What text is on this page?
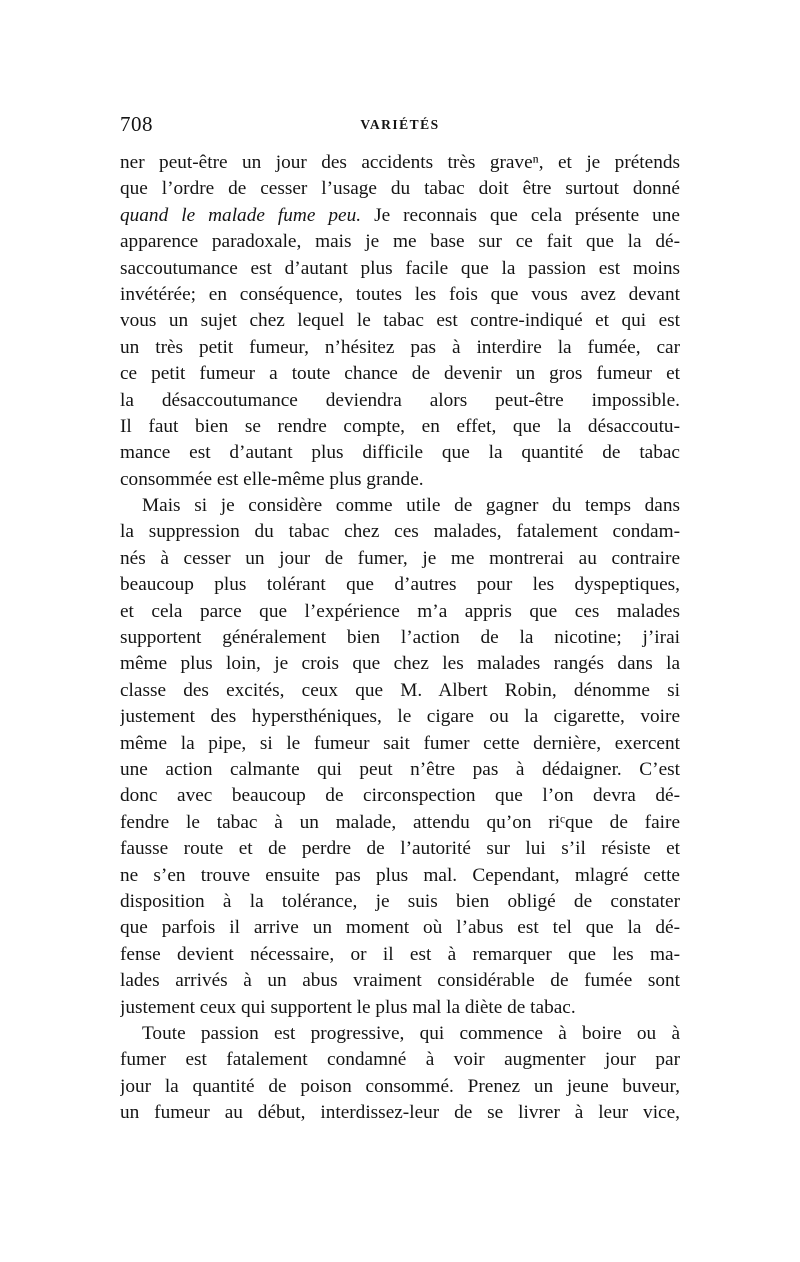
708	VARIÉTÉS
ner peut-être un jour des accidents très graveⁿ, et je prétends
que l’ordre de cesser l’usage du tabac doit être surtout donné
quand le malade fume peu. Je reconnais que cela présente une
apparence paradoxale, mais je me base sur ce fait que la dé-
saccoutumance est d’autant plus facile que la passion est moins
invétérée; en conséquence, toutes les fois que vous avez devant
vous un sujet chez lequel le tabac est contre-indiqué et qui est
un très petit fumeur, n’hésitez pas à interdire la fumée, car
ce petit fumeur a toute chance de devenir un gros fumeur et
la désaccoutumance deviendra alors peut-être impossible.
Il faut bien se rendre compte, en effet, que la désaccoutu-
mance est d’autant plus difficile que la quantité de tabac
consommée est elle-même plus grande.
Mais si je considère comme utile de gagner du temps dans
la suppression du tabac chez ces malades, fatalement condam-
nés à cesser un jour de fumer, je me montrerai au contraire
beaucoup plus tolérant que d’autres pour les dyspeptiques,
et cela parce que l’expérience m’a appris que ces malades
supportent généralement bien l’action de la nicotine; j’irai
même plus loin, je crois que chez les malades rangés dans la
classe des excités, ceux que M. Albert Robin, dénomme si
justement des hypersthéniques, le cigare ou la cigarette, voire
même la pipe, si le fumeur sait fumer cette dernière, exercent
une action calmante qui peut n’être pas à dédaigner. C’est
donc avec beaucoup de circonspection que l’on devra dé-
fendre le tabac à un malade, attendu qu’on riᶜque de faire
fausse route et de perdre de l’autorité sur lui s’il résiste et
ne s’en trouve ensuite pas plus mal. Cependant, mlagré cette
disposition à la tolérance, je suis bien obligé de constater
que parfois il arrive un moment où l’abus est tel que la dé-
fense devient nécessaire, or il est à remarquer que les ma-
lades arrivés à un abus vraiment considérable de fumée sont
justement ceux qui supportent le plus mal la diète de tabac.
Toute passion est progressive, qui commence à boire ou à
fumer est fatalement condamné à voir augmenter jour par
jour la quantité de poison consommé. Prenez un jeune buveur,
un fumeur au début, interdissez-leur de se livrer à leur vice,
